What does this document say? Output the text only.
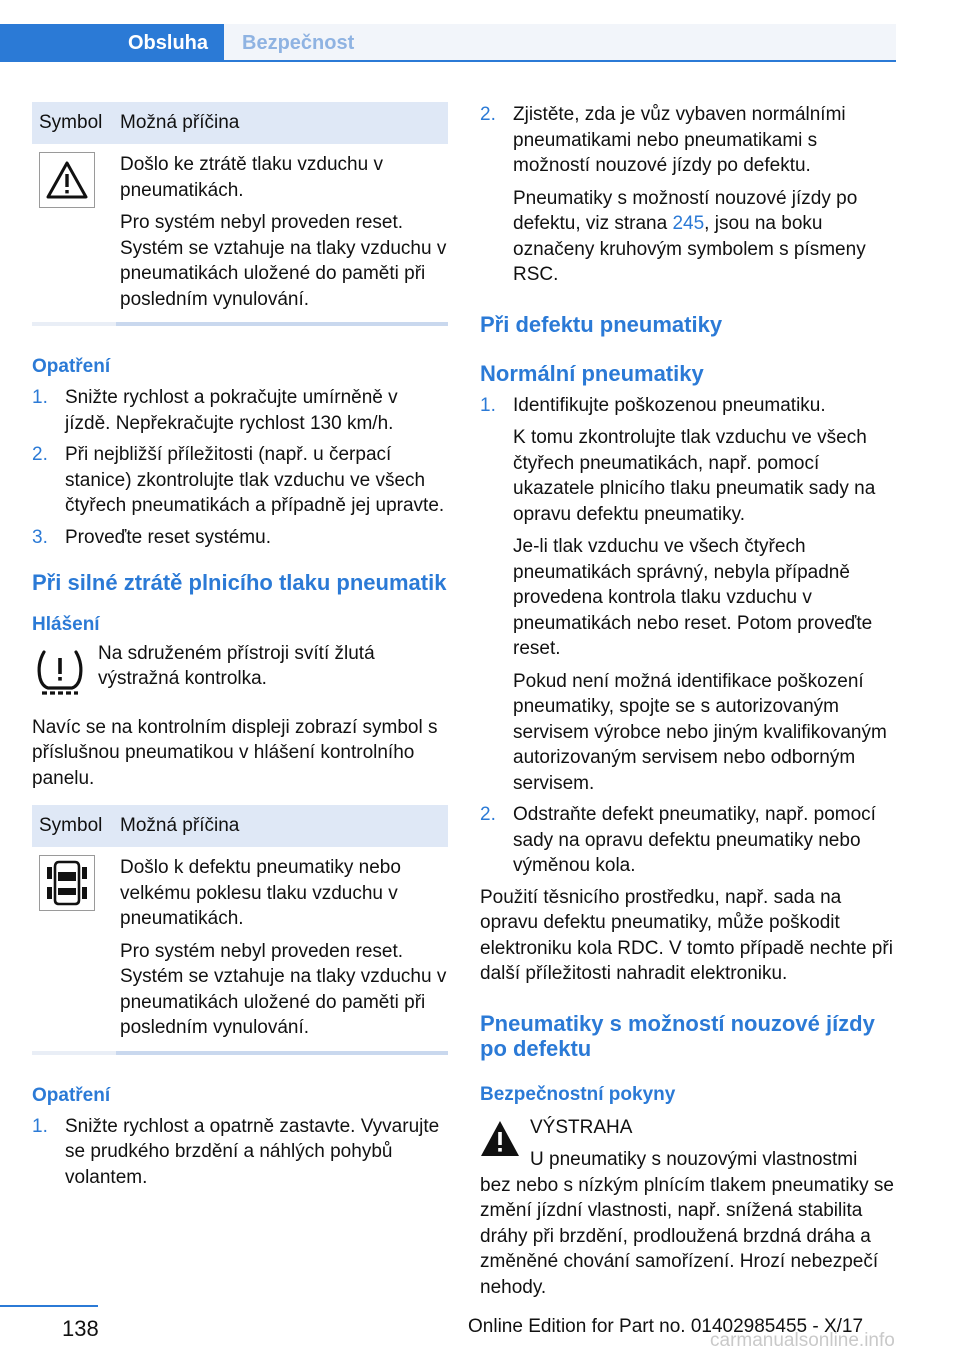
Obsluha	Bezpečnost
Symbol	Možná příčina

Došlo ke ztrátě tlaku vzduchu v pneumatikách.

Pro systém nebyl proveden reset. Systém se vztahuje na tlaky vzduchu v pneumatikách uložené do paměti při posledním vynulování.

Opatření
1. Snižte rychlost a pokračujte umírněně v jízdě. Nepřekračujte rychlost 130 km/h.
2. Při nejbližší příležitosti (např. u čerpací stanice) zkontrolujte tlak vzduchu ve všech čtyřech pneumatikách a případně jej upravte.
3. Proveďte reset systému.
Při silné ztrátě plnicího tlaku pneumatik
Hlášení
Na sdruženém přístroji svítí žlutá výstražná kontrolka.

Navíc se na kontrolním displeji zobrazí symbol s příslušnou pneumatikou v hlášení kontrolního panelu.

Symbol	Možná příčina

Došlo k defektu pneumatiky nebo velkému poklesu tlaku vzduchu v pneumatikách.

Pro systém nebyl proveden reset. Systém se vztahuje na tlaky vzduchu v pneumatikách uložené do paměti při posledním vynulování.

Opatření
1. Snižte rychlost a opatrně zastavte. Vyvarujte se prudkého brzdění a náhlých pohybů volantem.
2. Zjistěte, zda je vůz vybaven normálními pneumatikami nebo pneumatikami s možností nouzové jízdy po defektu.

Pneumatiky s možností nouzové jízdy po defektu, viz strana 245, jsou na boku označeny kruhovým symbolem s písmeny RSC.

Při defektu pneumatiky
Normální pneumatiky
1. Identifikujte poškozenou pneumatiku.

K tomu zkontrolujte tlak vzduchu ve všech čtyřech pneumatikách, např. pomocí ukazatele plnicího tlaku pneumatik sady na opravu defektu pneumatiky.

Je-li tlak vzduchu ve všech čtyřech pneumatikách správný, nebyla případně provedena kontrola tlaku vzduchu v pneumatikách nebo reset. Potom proveďte reset.

Pokud není možná identifikace poškození pneumatiky, spojte se s autorizovaným servisem výrobce nebo jiným kvalifikovaným autorizovaným servisem nebo odborným servisem.

2. Odstraňte defekt pneumatiky, např. pomocí sady na opravu defektu pneumatiky nebo výměnou kola.

Použití těsnicího prostředku, např. sada na opravu defektu pneumatiky, může poškodit elektroniku kola RDC. V tomto případě nechte při další příležitosti nahradit elektroniku.

Pneumatiky s možností nouzové jízdy po defektu
Bezpečnostní pokyny
VÝSTRAHA
U pneumatiky s nouzovými vlastnostmi

bez nebo s nízkým plnícím tlakem pneumatiky se změní jízdní vlastnosti, např. snížená stabilita dráhy při brzdění, prodloužená brzdná dráha a změněné chování samořízení. Hrozí nebezpečí nehody.

138	Online Edition for Part no. 01402985455 - X/17
carmanualsonline.info
